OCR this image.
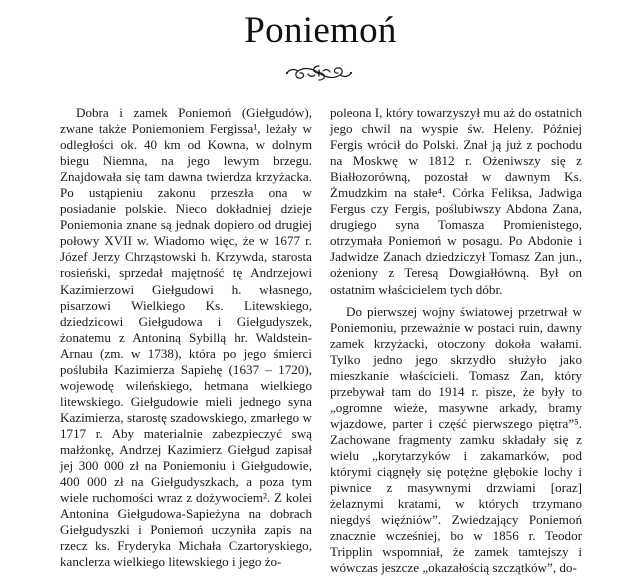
Poniemoń

Dobra i zamek Poniemoń (Giełgudów), zwane także Poniemoniem Fergissa¹, leżały w odległości ok. 40 km od Kowna, w dolnym biegu Niemna, na jego lewym brzegu. Znajdowała się tam dawna twierdza krzyżacka. Po ustąpieniu zakonu przeszła ona w posiadanie polskie. Nieco dokładniej dzieje Poniemonia znane są jednak dopiero od drugiej połowy XVII w. Wiadomo więc, że w 1677 r. Józef Jerzy Chrząstowski h. Krzywda, starosta rosieński, sprzedał majętność tę Andrzejowi Kazimierzowi Giełgudowi h. własnego, pisarzowi Wielkiego Ks. Litewskiego, dziedzicowi Giełgudowa i Giełgudyszek, żonatemu z Antoniną Sybillą hr. Waldstein-Arnau (zm. w 1738), która po jego śmierci poślubiła Kazimierza Sapiehę (1637 – 1720), wojewodę wileńskiego, hetmana wielkiego litewskiego. Giełgudowie mieli jednego syna Kazimierza, starostę szadowskiego, zmarłego w 1717 r. Aby materialnie zabezpieczyć swą małżonkę, Andrzej Kazimierz Giełgud zapisał jej 300 000 zł na Poniemoniu i Giełgudowie, 400 000 zł na Giełgudyszkach, a poza tym wiele ruchomości wraz z dożywociem². Z kolei Antonina Giełgudowa-Sapieżyna na dobrach Giełgudyszki i Poniemoń uczyniła zapis na rzecz ks. Fryderyka Michała Czartoryskiego, kanclerza wielkiego litewskiego i jego żo-

poleona I, który towarzyszył mu aż do ostatnich jego chwil na wyspie św. Heleny. Później Fergis wrócił do Polski. Znał ją już z pochodu na Moskwę w 1812 r. Ożeniwszy się z Białłozorówną, pozostał w dawnym Ks. Żmudzkim na stałe⁴. Córka Feliksa, Jadwiga Fergus czy Fergis, poślubiwszy Abdona Zana, drugiego syna Tomasza Promienistego, otrzymała Poniemoń w posagu. Po Abdonie i Jadwidze Zanach dziedziczył Tomasz Zan jun., ożeniony z Teresą Dowgiałłówną. Był on ostatnim właścicielem tych dóbr.

Do pierwszej wojny światowej przetrwał w Poniemoniu, przeważnie w postaci ruin, dawny zamek krzyżacki, otoczony dokoła wałami. Tylko jedno jego skrzydło służyło jako mieszkanie właścicieli. Tomasz Zan, który przebywał tam do 1914 r. pisze, że były to „ogromne wieże, masywne arkady, bramy wjazdowe, parter i część pierwszego piętra”⁵. Zachowane fragmenty zamku składały się z wielu „korytarzyków i zakamarków, pod którymi ciągnęły się potężne głębokie lochy i piwnice z masywnymi drzwiami [oraz] żelaznymi kratami, w których trzymano niegdyś więźniów”. Zwiedzający Poniemoń znacznie wcześniej, bo w 1856 r. Teodor Tripplin wspomniał, że zamek tamtejszy i wówczas jeszcze „okazałością szczątków”, do-
